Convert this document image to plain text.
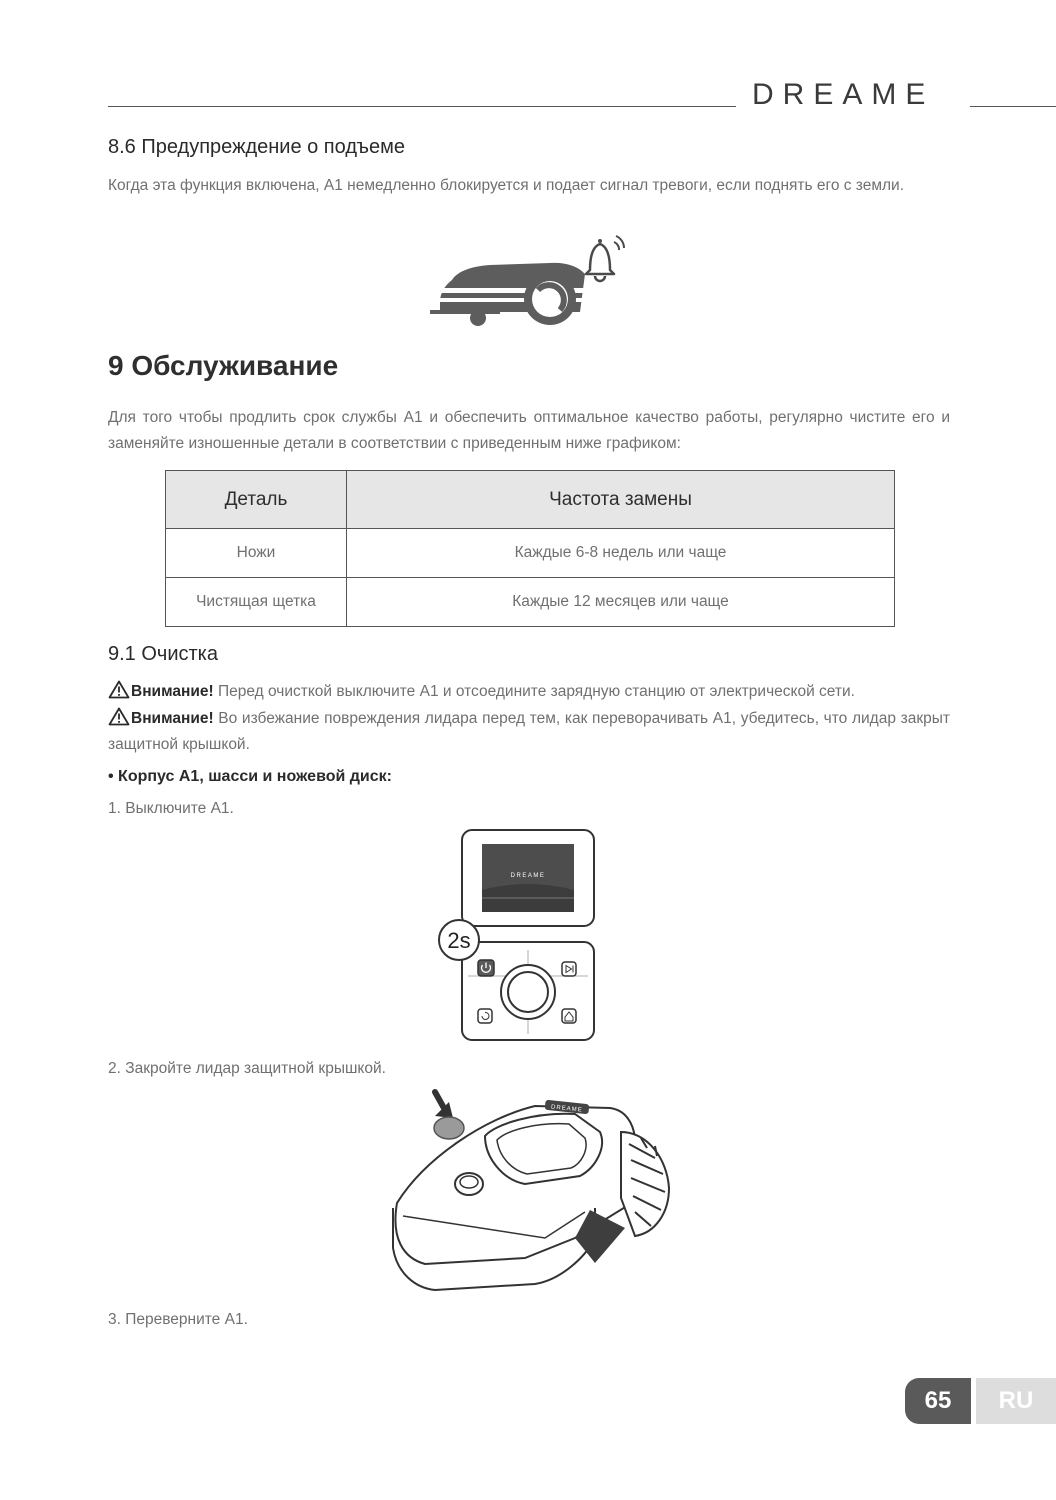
DREAME
8.6 Предупреждение о подъеме
Когда эта функция включена, A1 немедленно блокируется и подает сигнал тревоги, если поднять его с земли.
9 Обслуживание
Для того чтобы продлить срок службы A1 и обеспечить оптимальное качество работы, регулярно чистите его и заменяйте изношенные детали в соответствии с приведенным ниже графиком:
Деталь	Частота замены
Ножи	Каждые 6-8 недель или чаще
Чистящая щетка	Каждые 12 месяцев или чаще
9.1 Очистка
Внимание! Перед очисткой выключите A1 и отсоедините зарядную станцию от электрической сети.
Внимание! Во избежание повреждения лидара перед тем, как переворачивать A1, убедитесь, что лидар закрыт защитной крышкой.
• Корпус A1, шасси и ножевой диск:
1. Выключите A1.
DREAME
2s
2. Закройте лидар защитной крышкой.
DREAME
3. Переверните A1.
65	RU
